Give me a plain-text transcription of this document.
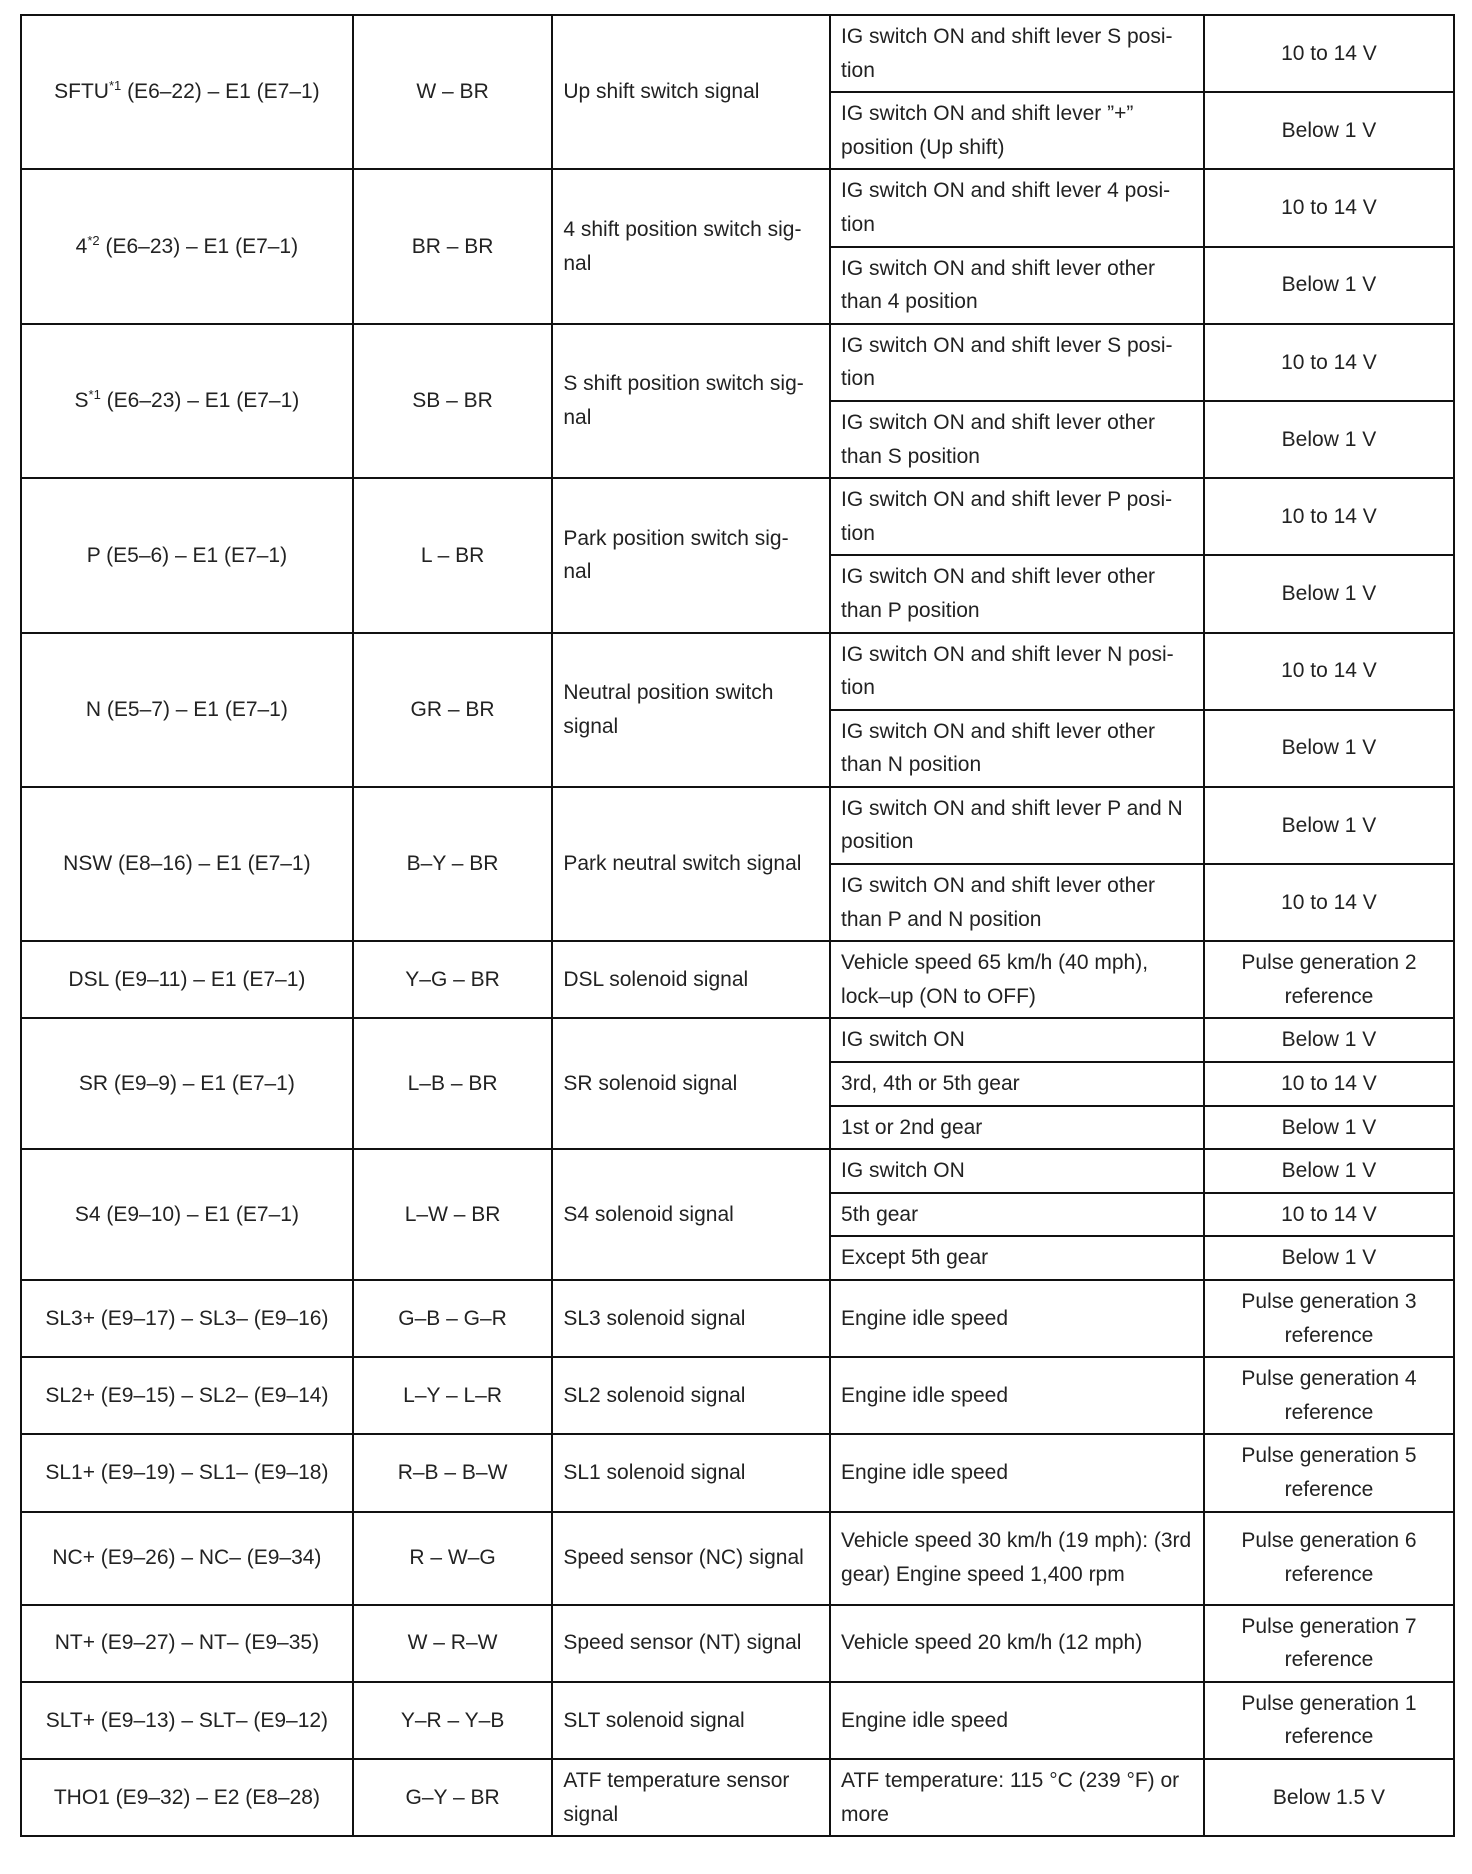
SFTU$^{*1}$ (E6–22) – E1 (E7–1)	W – BR	Up shift switch signal	IG switch ON and shift lever S posi- tion	10 to 14 V
			IG switch ON and shift lever ”+” position (Up shift)	Below 1 V
4$^{*2}$ (E6–23) – E1 (E7–1)	BR – BR	4 shift position switch sig- nal	IG switch ON and shift lever 4 posi- tion	10 to 14 V
			IG switch ON and shift lever other than 4 position	Below 1 V
$S^{*1}$ (E6–23) – E1 (E7–1)	SB – BR	S shift position switch sig- nal	IG switch ON and shift lever S posi- tion	10 to 14 V
			IG switch ON and shift lever other than S position	Below 1 V
P (E5–6) – E1 (E7–1)	L – BR	Park position switch sig- nal	IG switch ON and shift lever P posi- tion	10 to 14 V
			IG switch ON and shift lever other than P position	Below 1 V
N (E5–7) – E1 (E7–1)	GR – BR	Neutral position switch signal	IG switch ON and shift lever N posi- tion	10 to 14 V
			IG switch ON and shift lever other than N position	Below 1 V
NSW (E8–16) – E1 (E7–1)	B–Y – BR	Park neutral switch signal	IG switch ON and shift lever P and N position	Below 1 V
			IG switch ON and shift lever other than P and N position	10 to 14 V
DSL (E9–11) – E1 (E7–1)	Y–G – BR	DSL solenoid signal	Vehicle speed 65 km/h (40 mph), lock–up (ON to OFF)	Pulse generation 2 reference
SR (E9–9) – E1 (E7–1)	L–B – BR	SR solenoid signal	IG switch ON	Below 1 V
			3rd, 4th or 5th gear	10 to 14 V
			1st or 2nd gear	Below 1 V
S4 (E9–10) – E1 (E7–1)	L–W – BR	S4 solenoid signal	IG switch ON	Below 1 V
			5th gear	10 to 14 V
			Except 5th gear	Below 1 V
SL3+ (E9–17) – SL3– (E9–16)	G–B – G–R	SL3 solenoid signal	Engine idle speed	Pulse generation 3 reference
SL2+ (E9–15) – SL2– (E9–14)	L–Y – L–R	SL2 solenoid signal	Engine idle speed	Pulse generation 4 reference
SL1+ (E9–19) – SL1– (E9–18)	R–B – B–W	SL1 solenoid signal	Engine idle speed	Pulse generation 5 reference
NC+ (E9–26) – NC– (E9–34)	R – W–G	Speed sensor (NC) signal	Vehicle speed 30 km/h (19 mph): (3rd gear) Engine speed 1,400 rpm	Pulse generation 6 reference
NT+ (E9–27) – NT– (E9–35)	W – R–W	Speed sensor (NT) signal	Vehicle speed 20 km/h (12 mph)	Pulse generation 7 reference
SLT+ (E9–13) – SLT– (E9–12)	Y–R – Y–B	SLT solenoid signal	Engine idle speed	Pulse generation 1 reference
THO1 (E9–32) – E2 (E8–28)	G–Y – BR	ATF temperature sensor signal	ATF temperature: 115 °C (239 °F) or more	Below 1.5 V
